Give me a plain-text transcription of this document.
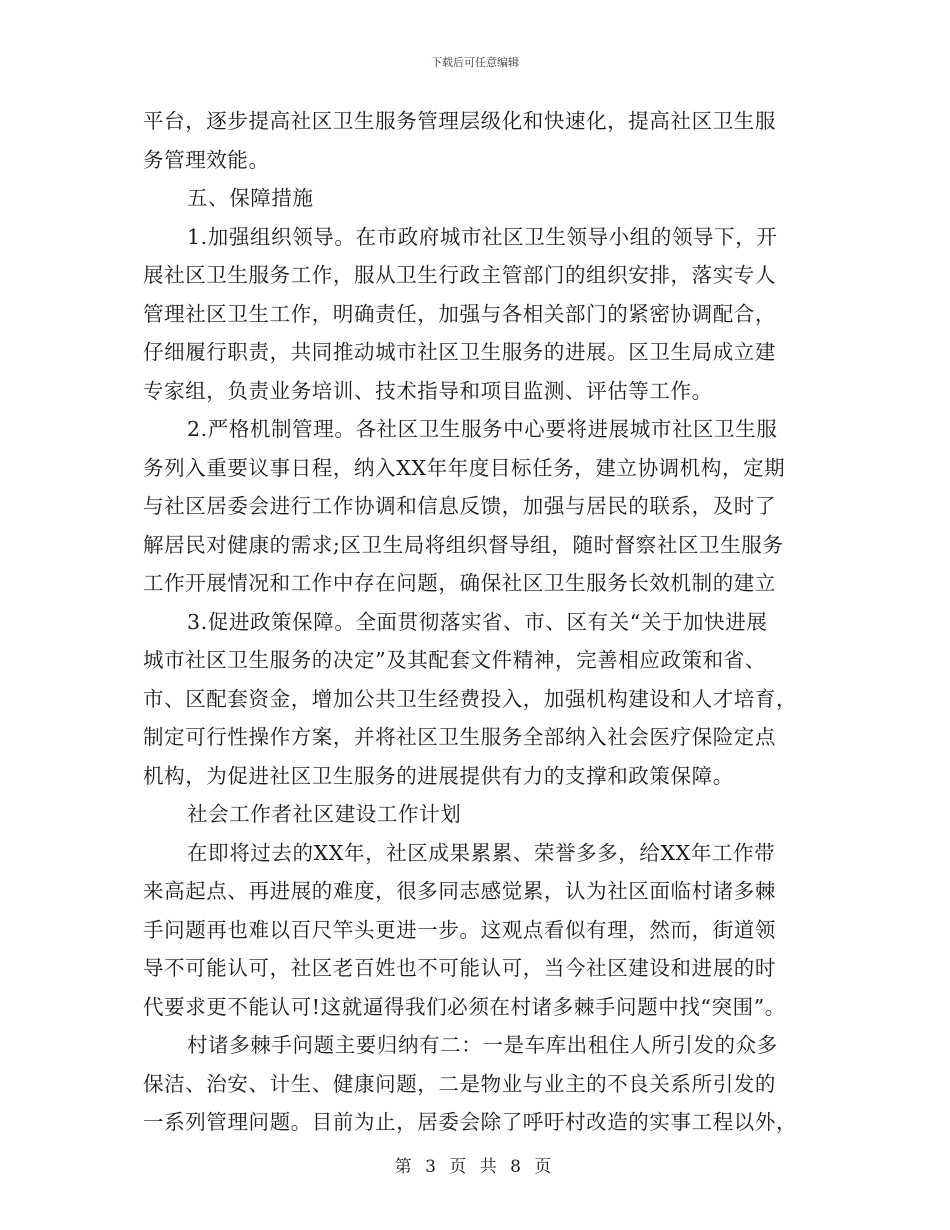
下载后可任意编辑
平台，逐步提高社区卫生服务管理层级化和快速化，提高社区卫生服
务管理效能。
五、保障措施
1.加强组织领导。在市政府城市社区卫生领导小组的领导下，开
展社区卫生服务工作，服从卫生行政主管部门的组织安排，落实专人
管理社区卫生工作，明确责任，加强与各相关部门的紧密协调配合，
仔细履行职责，共同推动城市社区卫生服务的进展。区卫生局成立建
专家组，负责业务培训、技术指导和项目监测、评估等工作。
2.严格机制管理。各社区卫生服务中心要将进展城市社区卫生服
务列入重要议事日程，纳入XX年年度目标任务，建立协调机构，定期
与社区居委会进行工作协调和信息反馈，加强与居民的联系，及时了
解居民对健康的需求;区卫生局将组织督导组，随时督察社区卫生服务
工作开展情况和工作中存在问题，确保社区卫生服务长效机制的建立
3.促进政策保障。全面贯彻落实省、市、区有关“关于加快进展
城市社区卫生服务的决定”及其配套文件精神，完善相应政策和省、
市、区配套资金，增加公共卫生经费投入，加强机构建设和人才培育，
制定可行性操作方案，并将社区卫生服务全部纳入社会医疗保险定点
机构，为促进社区卫生服务的进展提供有力的支撑和政策保障。
社会工作者社区建设工作计划
在即将过去的XX年，社区成果累累、荣誉多多，给XX年工作带
来高起点、再进展的难度，很多同志感觉累，认为社区面临村诸多棘
手问题再也难以百尺竿头更进一步。这观点看似有理，然而，街道领
导不可能认可，社区老百姓也不可能认可，当今社区建设和进展的时
代要求更不能认可!这就逼得我们必须在村诸多棘手问题中找“突围”。
村诸多棘手问题主要归纳有二：一是车库出租住人所引发的众多
保洁、治安、计生、健康问题，二是物业与业主的不良关系所引发的
一系列管理问题。目前为止，居委会除了呼吁村改造的实事工程以外，
第 3 页 共 8 页
